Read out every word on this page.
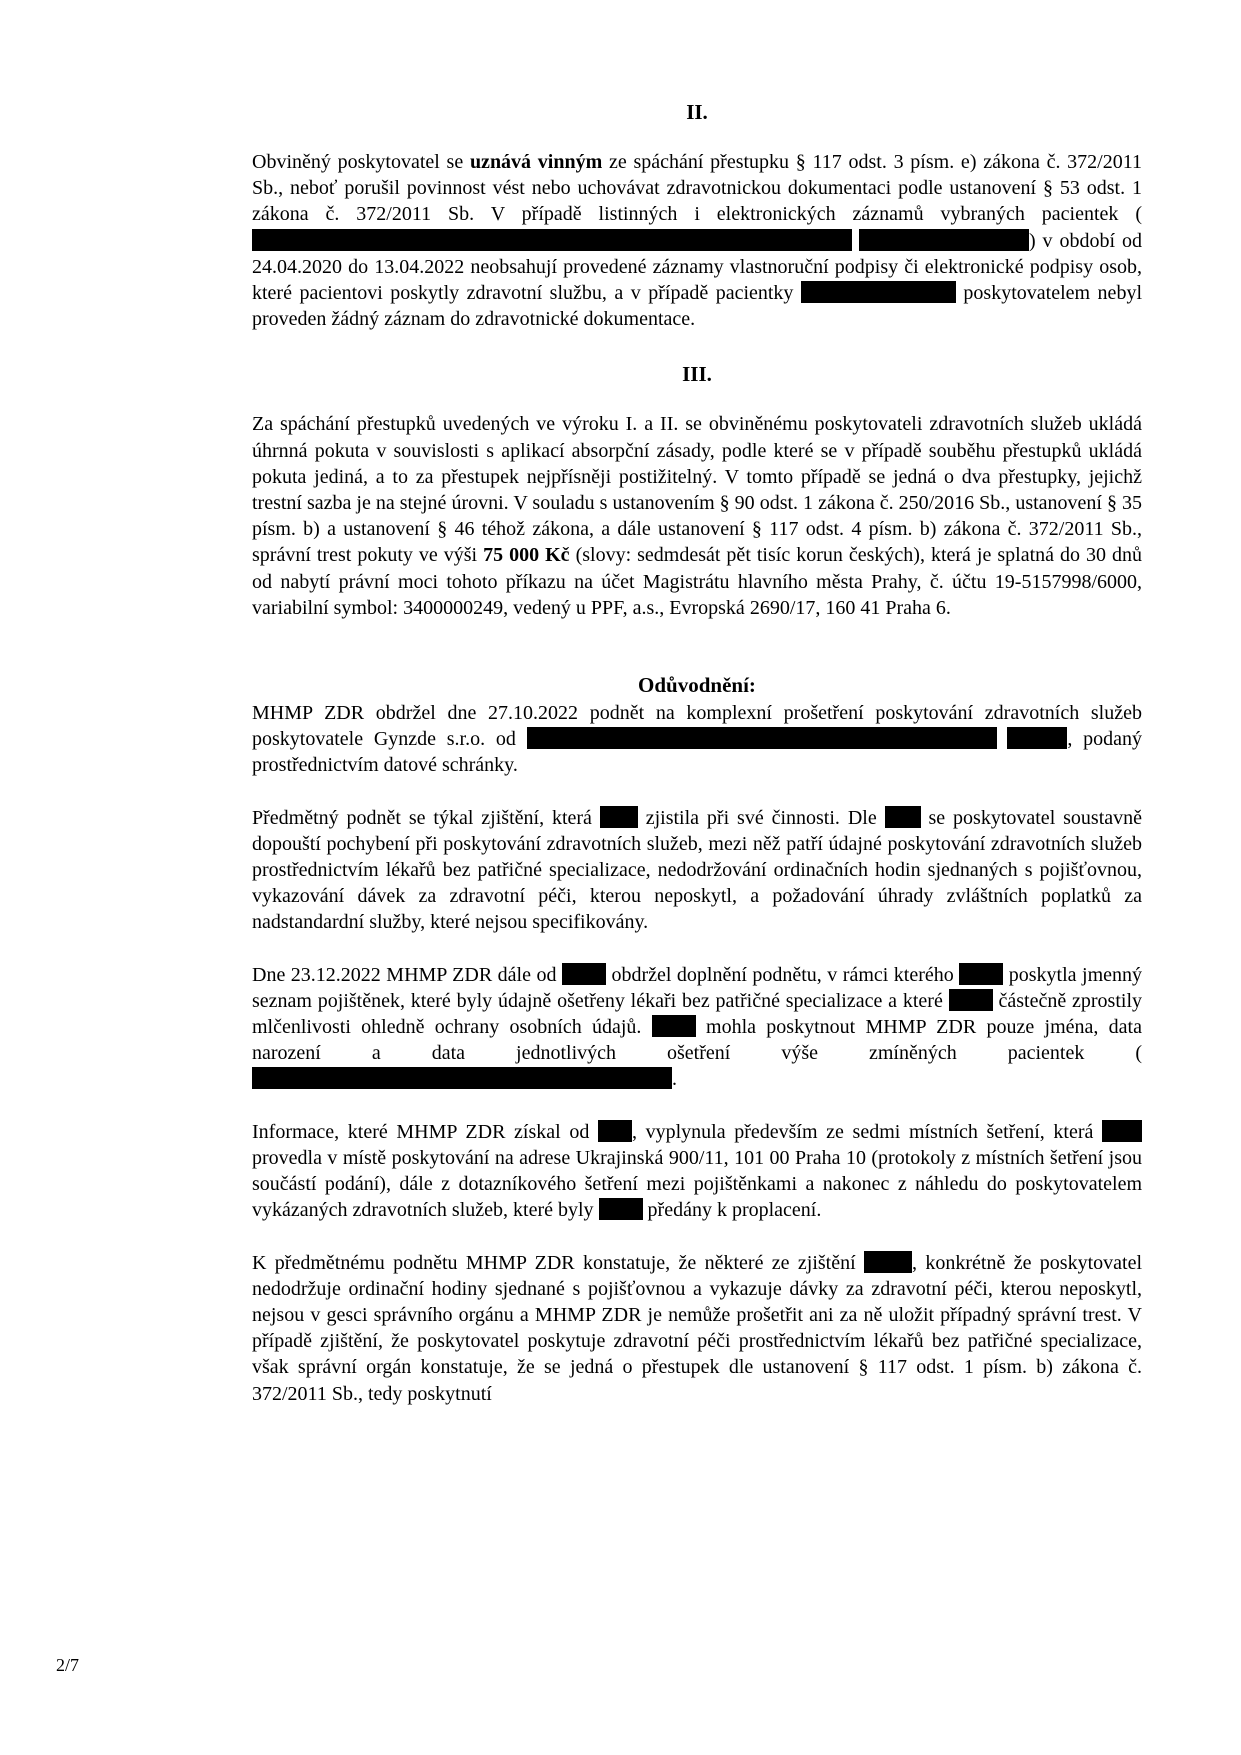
II.

Obviněný poskytovatel se uznává vinným ze spáchání přestupku § 117 odst. 3 písm. e) zákona č. 372/2011 Sb., neboť porušil povinnost vést nebo uchovávat zdravotnickou dokumentaci podle ustanovení § 53 odst. 1 zákona č. 372/2011 Sb. V případě listinných i elektronických záznamů vybraných pacientek ( ) v období od 24.04.2020 do 13.04.2022 neobsahují provedené záznamy vlastnoruční podpisy či elektronické podpisy osob, které pacientovi poskytly zdravotní službu, a v případě pacientky	poskytovatelem nebyl proveden žádný záznam do zdravotnické dokumentace.

III.

Za spáchání přestupků uvedených ve výroku I. a II. se obviněnému poskytovateli zdravotních služeb ukládá úhrnná pokuta v souvislosti s aplikací absorpční zásady, podle které se v případě souběhu přestupků ukládá pokuta jediná, a to za přestupek nejpřísněji postižitelný. V tomto případě se jedná o dva přestupky, jejichž trestní sazba je na stejné úrovni. V souladu s ustanovením § 90 odst. 1 zákona č. 250/2016 Sb., ustanovení § 35 písm. b) a ustanovení § 46 téhož zákona, a dále ustanovení § 117 odst. 4 písm. b) zákona č. 372/2011 Sb., správní trest pokuty ve výši 75 000 Kč (slovy: sedmdesát pět tisíc korun českých), která je splatná do 30 dnů od nabytí právní moci tohoto příkazu na účet Magistrátu hlavního města Prahy, č. účtu 19-5157998/6000, variabilní symbol: 3400000249, vedený u PPF, a.s., Evropská 2690/17, 160 41 Praha 6.

Odůvodnění:

MHMP ZDR obdržel dne 27.10.2022 podnět na komplexní prošetření poskytování zdravotních služeb poskytovatele Gynzde s.r.o. od	, podaný prostřednictvím datové schránky.

Předmětný podnět se týkal zjištění, která  zjistila při své činnosti. Dle  se poskytovatel soustavně dopouští pochybení při poskytování zdravotních služeb, mezi něž patří údajné poskytování zdravotních služeb prostřednictvím lékařů bez patřičné specializace, nedodržování ordinačních hodin sjednaných s pojišťovnou, vykazování dávek za zdravotní péči, kterou neposkytl, a požadování úhrady zvláštních poplatků za nadstandardní služby, které nejsou specifikovány.

Dne 23.12.2022 MHMP ZDR dále od  obdržel doplnění podnětu, v rámci kterého  poskytla jmenný seznam pojištěnek, které byly údajně ošetřeny lékaři bez patřičné specializace a které  částečně zprostily mlčenlivosti ohledně ochrany osobních údajů.  mohla poskytnout MHMP ZDR pouze jména, data narození a data jednotlivých ošetření výše zmíněných pacientek (.

Informace, které MHMP ZDR získal od , vyplynula především ze sedmi místních šetření, která  provedla v místě poskytování na adrese Ukrajinská 900/11, 101 00 Praha 10 (protokoly z místních šetření jsou součástí podání), dále z dotazníkového šetření mezi pojištěnkami a nakonec z náhledu do poskytovatelem vykázaných zdravotních služeb, které byly  předány k proplacení.

K předmětnému podnětu MHMP ZDR konstatuje, že některé ze zjištění , konkrétně že poskytovatel nedodržuje ordinační hodiny sjednané s pojišťovnou a vykazuje dávky za zdravotní péči, kterou neposkytl, nejsou v gesci správního orgánu a MHMP ZDR je nemůže prošetřit ani za ně uložit případný správní trest. V případě zjištění, že poskytovatel poskytuje zdravotní péči prostřednictvím lékařů bez patřičné specializace, však správní orgán konstatuje, že se jedná o přestupek dle ustanovení § 117 odst. 1 písm. b) zákona č. 372/2011 Sb., tedy poskytnutí

2/7
